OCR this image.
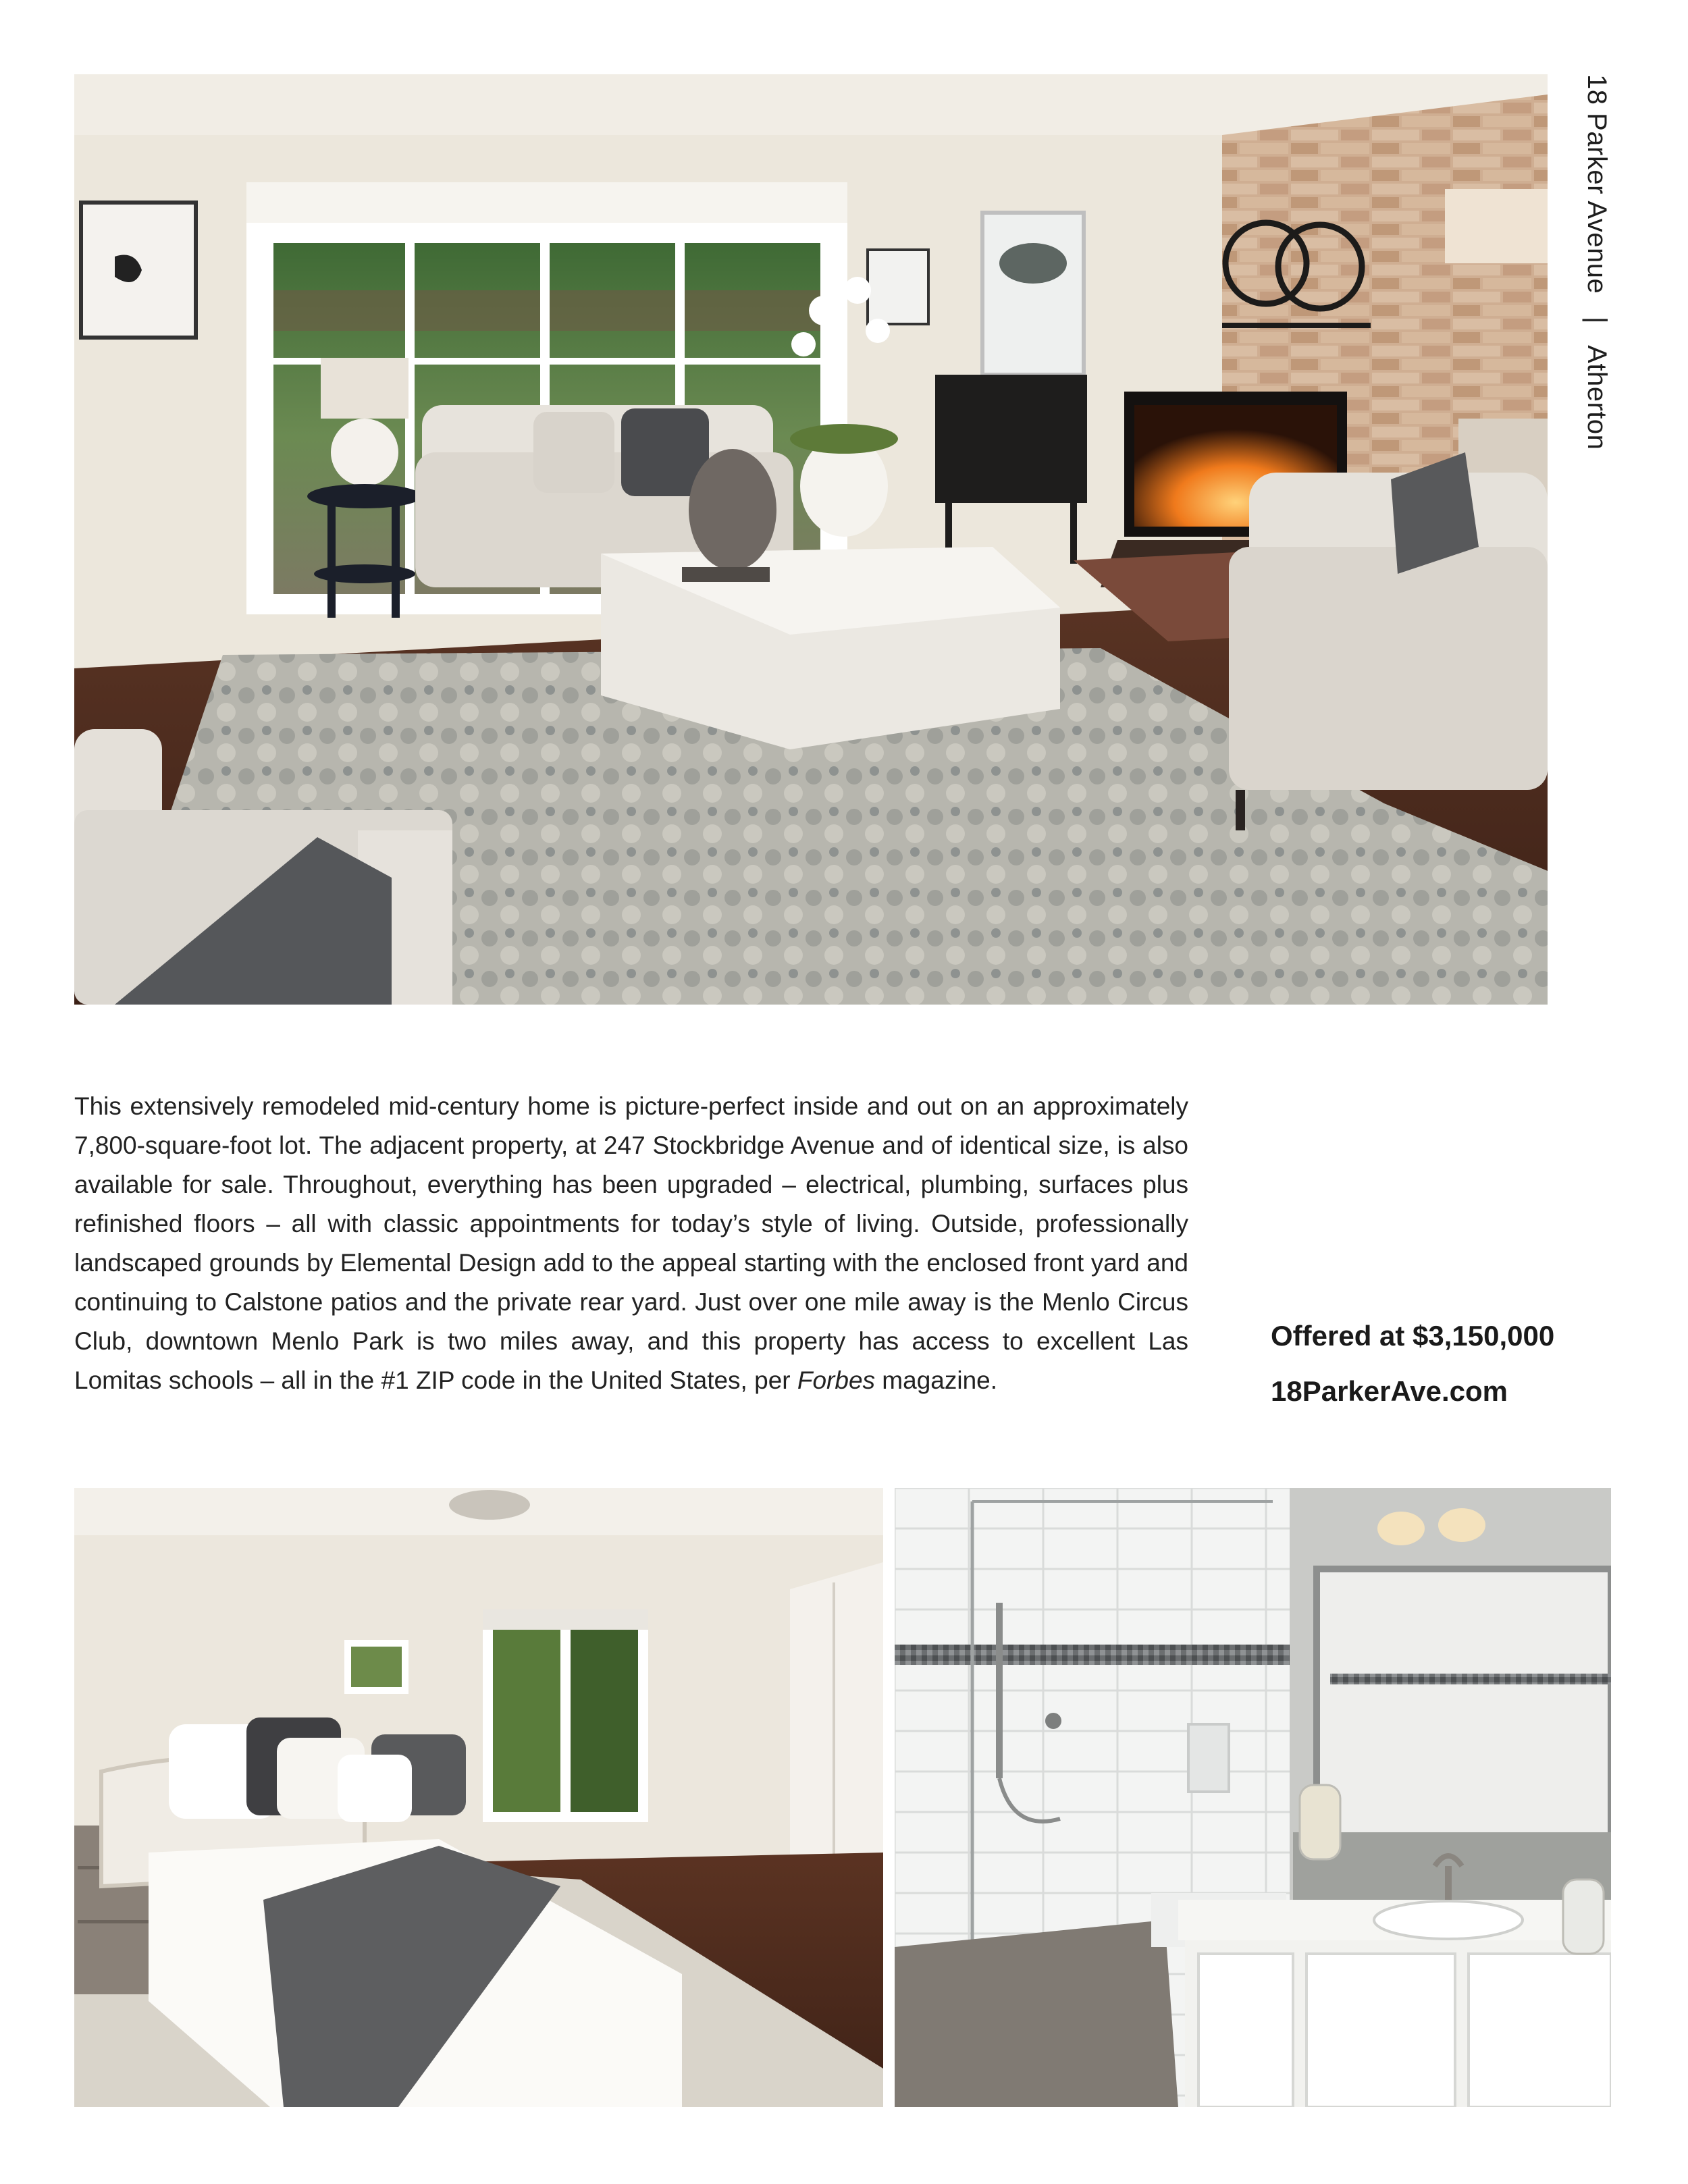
18 Parker Avenue | Atherton

This extensively remodeled mid-century home is picture-perfect inside and out on an approximately 7,800-square-foot lot. The adjacent property, at 247 Stockbridge Avenue and of identical size, is also available for sale. Throughout, everything has been upgraded – electrical, plumbing, surfaces plus refinished floors – all with classic appointments for today’s style of living. Outside, professionally landscaped grounds by Elemental Design add to the appeal starting with the enclosed front yard and continuing to Calstone patios and the private rear yard. Just over one mile away is the Menlo Circus Club, downtown Menlo Park is two miles away, and this property has access to excellent Las Lomitas schools – all in the #1 ZIP code in the United States, per Forbes magazine.

Offered at $3,150,000

18ParkerAve.com
